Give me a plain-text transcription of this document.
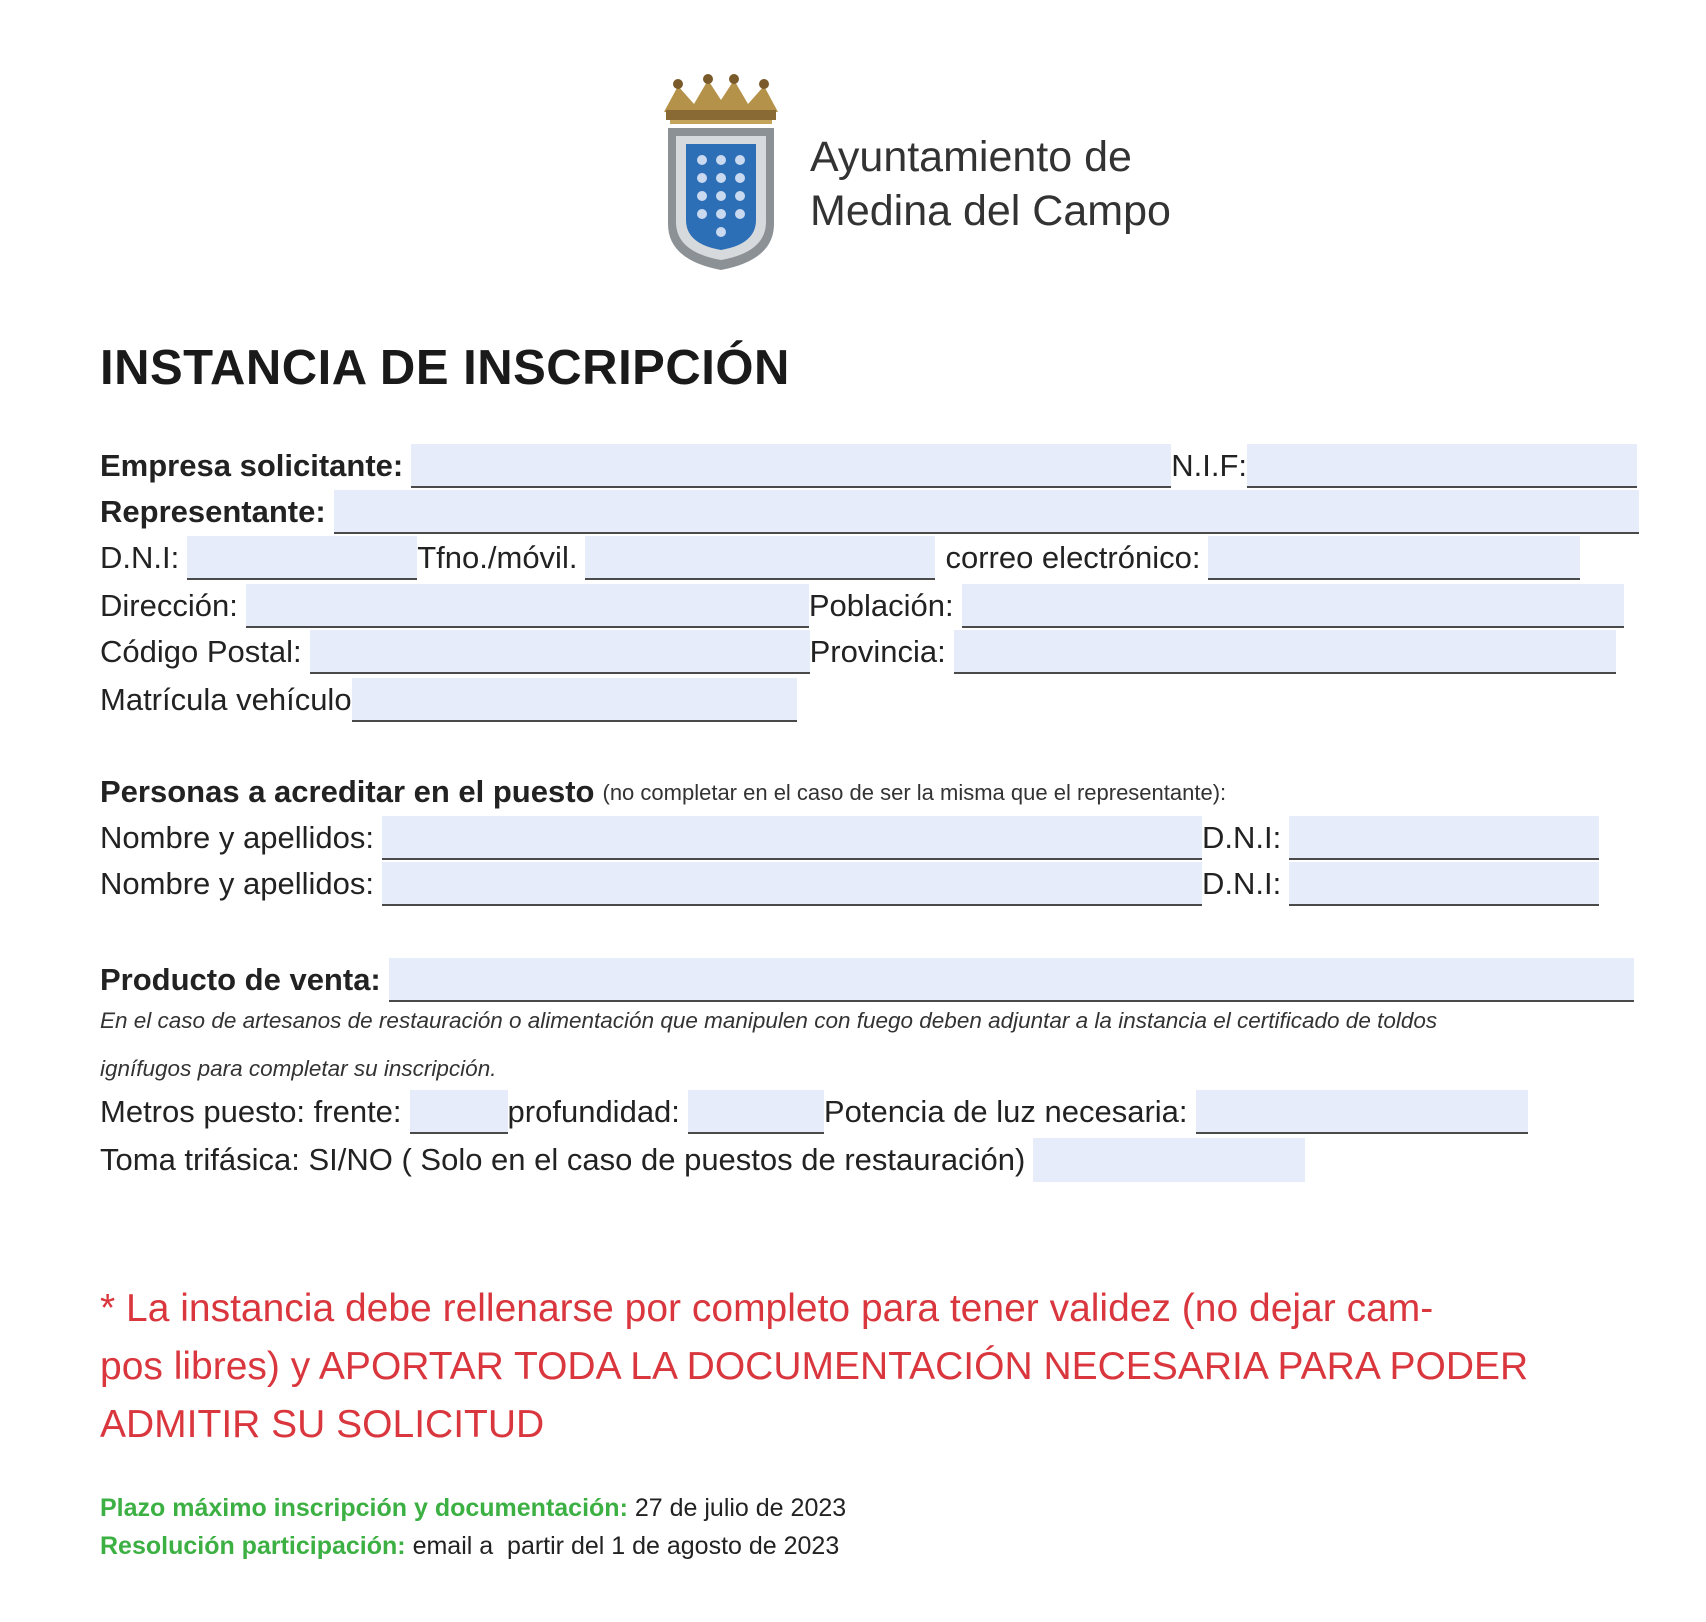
Ayuntamiento de
Medina del Campo
INSTANCIA DE INSCRIPCIÓN
Empresa solicitante:	N.I.F:
Representante:
D.N.I:	Tfno./móvil.	correo electrónico:
Dirección:	Población:
Código Postal:	Provincia:
Matrícula vehículo
Personas a acreditar en el puesto (no completar en el caso de ser la misma que el representante):
Nombre y apellidos:	D.N.I:
Nombre y apellidos:	D.N.I:
Producto de venta:
En el caso de artesanos de restauración o alimentación que manipulen con fuego deben adjuntar a la instancia el certificado de toldos
ignífugos para completar su inscripción.
Metros puesto: frente:	profundidad:	Potencia de luz necesaria:
Toma trifásica: SI/NO ( Solo en el caso de puestos de restauración)
* La instancia debe rellenarse por completo para tener validez (no dejar cam-
pos libres) y APORTAR TODA LA DOCUMENTACIÓN NECESARIA PARA PODER
ADMITIR SU SOLICITUD
Plazo máximo inscripción y documentación: 27 de julio de 2023
Resolución participación: email a  partir del 1 de agosto de 2023
